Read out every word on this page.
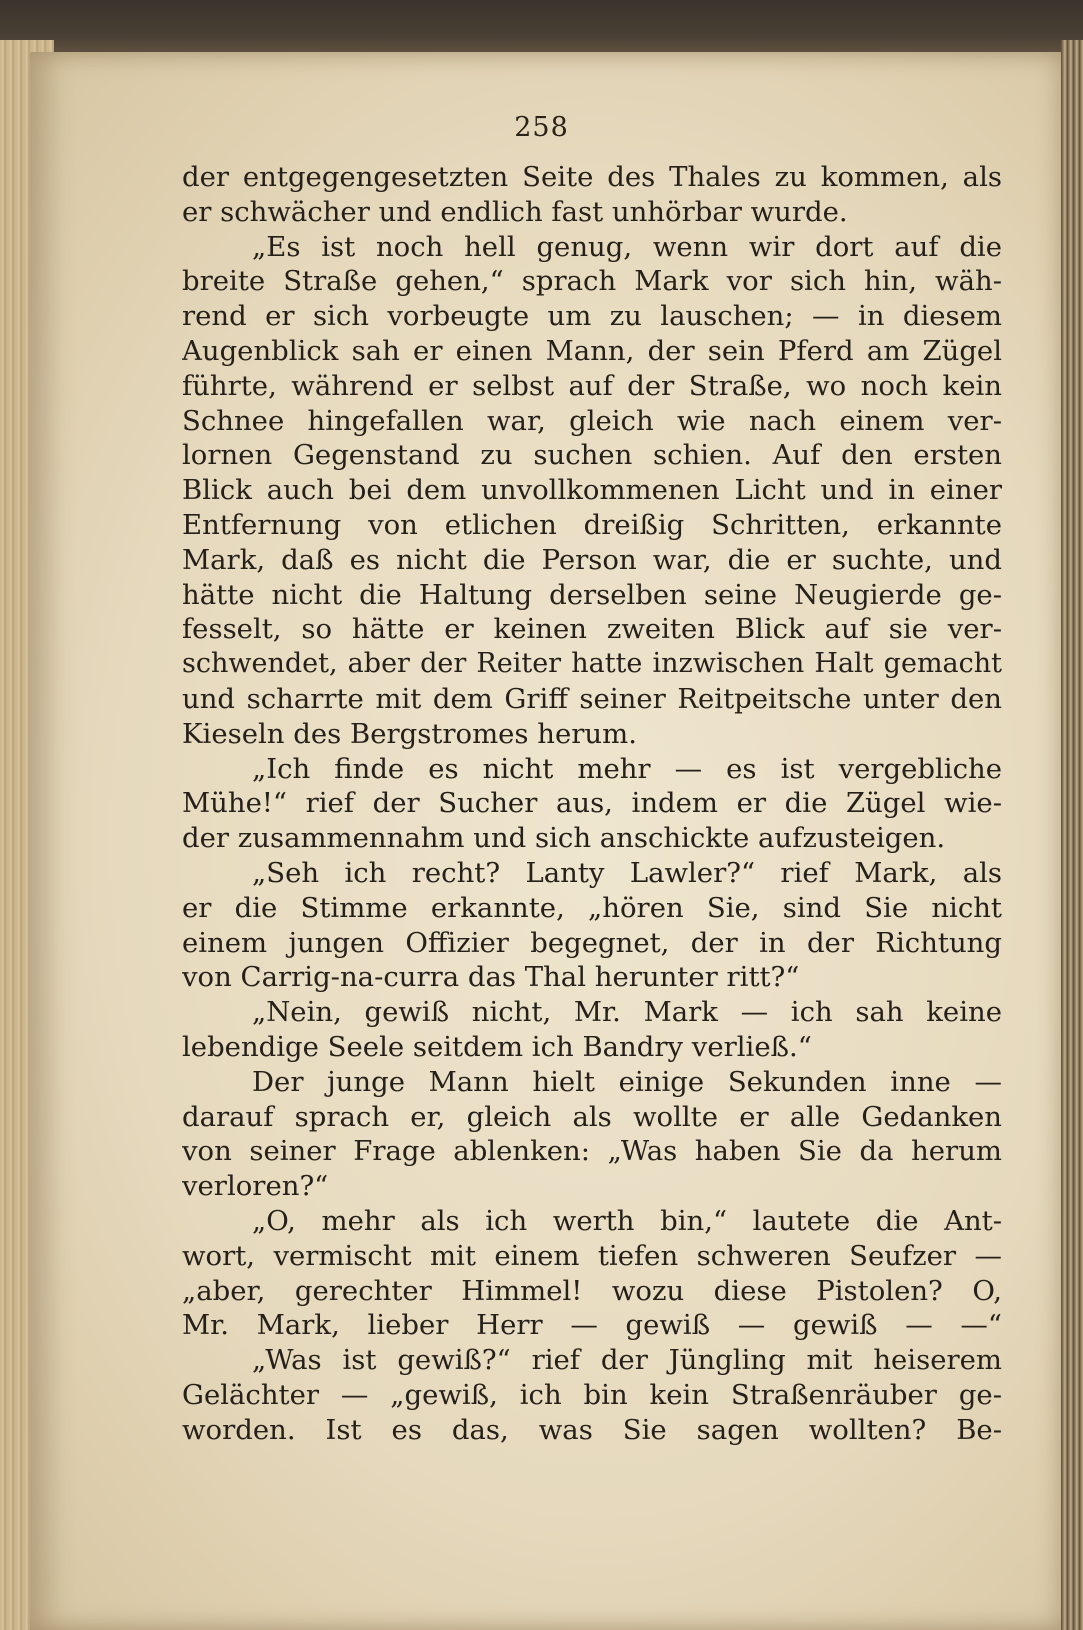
258
der entgegengesetzten Seite des Thales zu kommen, als
er schwächer und endlich fast unhörbar wurde.
„Es ist noch hell genug, wenn wir dort auf die
breite Straße gehen,“ sprach Mark vor sich hin, wäh-
rend er sich vorbeugte um zu lauschen; — in diesem
Augenblick sah er einen Mann, der sein Pferd am Zügel
führte, während er selbst auf der Straße, wo noch kein
Schnee hingefallen war, gleich wie nach einem ver-
lornen Gegenstand zu suchen schien. Auf den ersten
Blick auch bei dem unvollkommenen Licht und in einer
Entfernung von etlichen dreißig Schritten, erkannte
Mark, daß es nicht die Person war, die er suchte, und
hätte nicht die Haltung derselben seine Neugierde ge-
fesselt, so hätte er keinen zweiten Blick auf sie ver-
schwendet, aber der Reiter hatte inzwischen Halt gemacht
und scharrte mit dem Griff seiner Reitpeitsche unter den
Kieseln des Bergstromes herum.
„Ich finde es nicht mehr — es ist vergebliche
Mühe!“ rief der Sucher aus, indem er die Zügel wie-
der zusammennahm und sich anschickte aufzusteigen.
„Seh ich recht? Lanty Lawler?“ rief Mark, als
er die Stimme erkannte, „hören Sie, sind Sie nicht
einem jungen Offizier begegnet, der in der Richtung
von Carrig-na-curra das Thal herunter ritt?“
„Nein, gewiß nicht, Mr. Mark — ich sah keine
lebendige Seele seitdem ich Bandry verließ.“
Der junge Mann hielt einige Sekunden inne —
darauf sprach er, gleich als wollte er alle Gedanken
von seiner Frage ablenken: „Was haben Sie da herum
verloren?“
„O, mehr als ich werth bin,“ lautete die Ant-
wort, vermischt mit einem tiefen schweren Seufzer —
„aber, gerechter Himmel! wozu diese Pistolen? O,
Mr. Mark, lieber Herr — gewiß — gewiß — —“
„Was ist gewiß?“ rief der Jüngling mit heiserem
Gelächter — „gewiß, ich bin kein Straßenräuber ge-
worden. Ist es das, was Sie sagen wollten? Be-
